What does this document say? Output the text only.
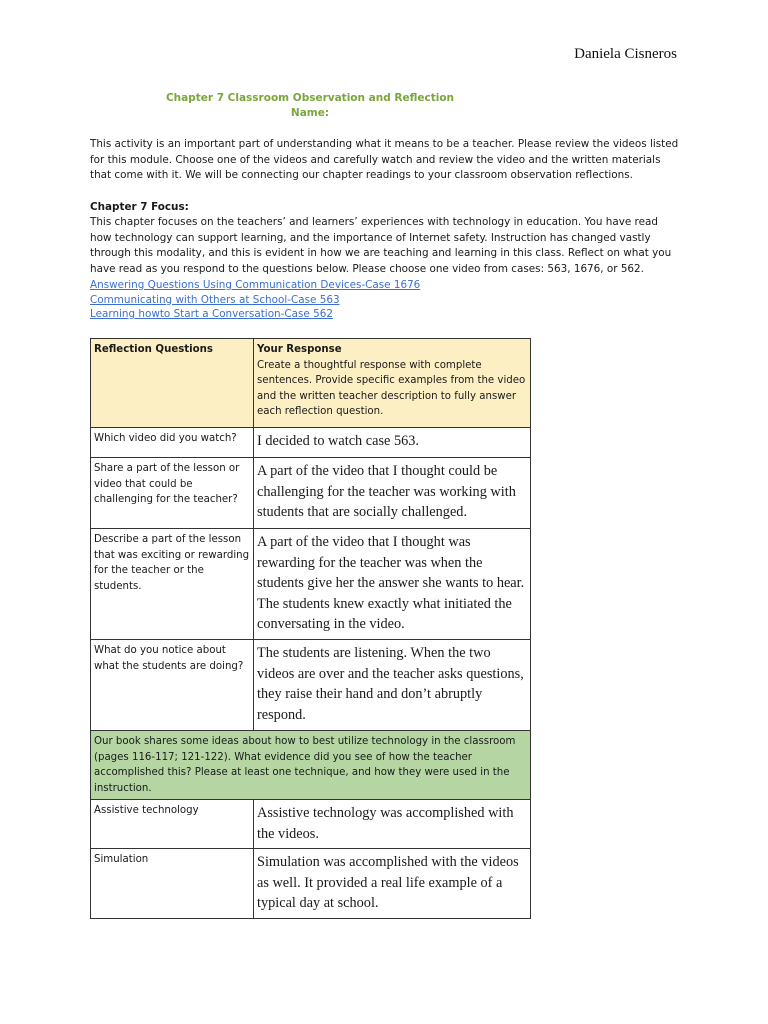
Daniela Cisneros
Chapter 7 Classroom Observation and Reflection
Name:
This activity is an important part of understanding what it means to be a teacher. Please review the videos listed for this module. Choose one of the videos and carefully watch and review the video and the written materials that come with it. We will be connecting our chapter readings to your classroom observation reflections.
Chapter 7 Focus:
This chapter focuses on the teachers’ and learners’ experiences with technology in education. You have read how technology can support learning, and the importance of Internet safety. Instruction has changed vastly through this modality, and this is evident in how we are teaching and learning in this class. Reflect on what you have read as you respond to the questions below. Please choose one video from cases: 563, 1676, or 562.
Answering Questions Using Communication Devices-Case 1676
Communicating with Others at School-Case 563
Learning howto Start a Conversation-Case 562
Reflection Questions	Your Response
Create a thoughtful response with complete sentences. Provide specific examples from the video and the written teacher description to fully answer each reflection question.

Which video did you watch?	I decided to watch case 563.
Share a part of the lesson or video that could be challenging for the teacher?	A part of the video that I thought could be challenging for the teacher was working with students that are socially challenged.
Describe a part of the lesson that was exciting or rewarding for the teacher or the students.	A part of the video that I thought was rewarding for the teacher was when the students give her the answer she wants to hear. The students knew exactly what initiated the conversating in the video.
What do you notice about what the students are doing?	The students are listening. When the two videos are over and the teacher asks questions, they raise their hand and don’t abruptly respond.
Our book shares some ideas about how to best utilize technology in the classroom (pages 116-117; 121-122). What evidence did you see of how the teacher accomplished this? Please at least one technique, and how they were used in the instruction.	
Assistive technology	Assistive technology was accomplished with the videos.
Simulation	Simulation was accomplished with the videos as well. It provided a real life example of a typical day at school.
